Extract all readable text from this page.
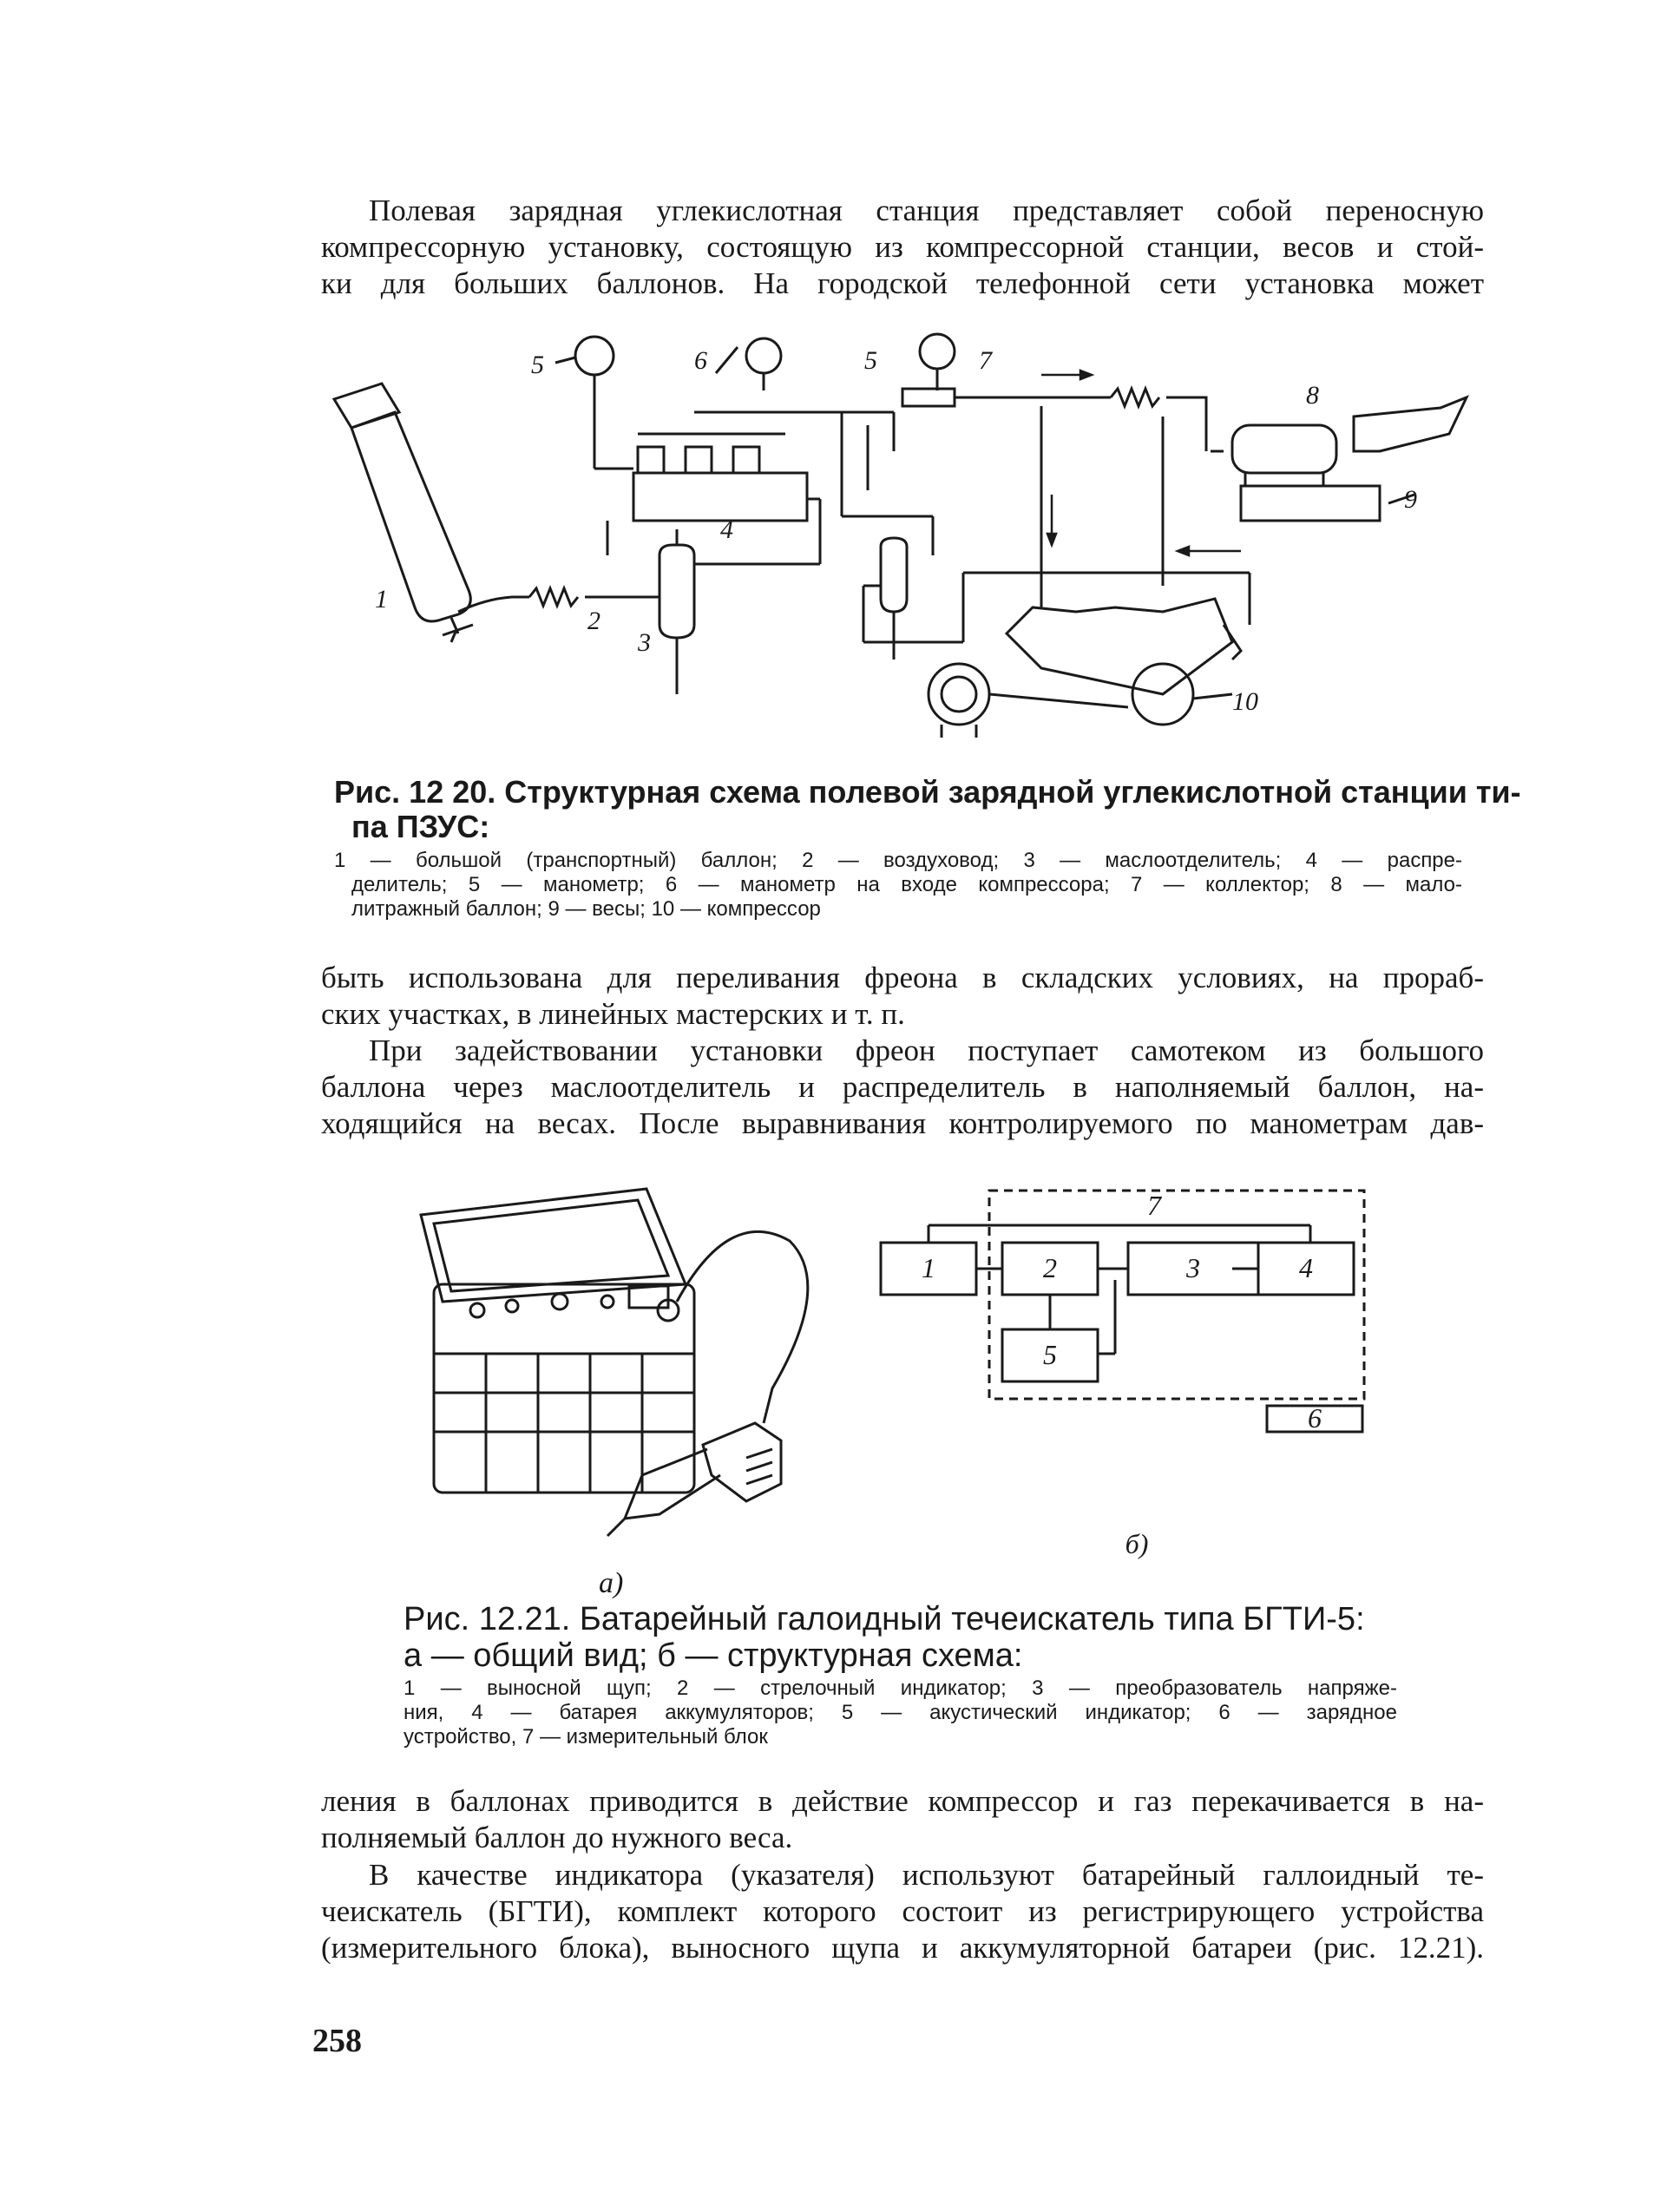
Полевая зарядная углекислотная станция представляет собой переносную
компрессорную установку, состоящую из компрессорной станции, весов и стой-
ки для больших баллонов. На городской телефонной сети установка может
1
2
3
4
5	6	5	7
8
9
10
Рис. 12 20. Структурная схема полевой зарядной углекислотной станции ти-
па ПЗУС:
1 — большой (транспортный) баллон; 2 — воздуховод; 3 — маслоотделитель; 4 — распре-
делитель; 5 — манометр; 6 — манометр на входе компрессора; 7 — коллектор; 8 — мало-
литражный баллон; 9 — весы; 10 — компрессор
быть использована для переливания фреона в складских условиях, на прораб-
ских участках, в линейных мастерских и т. п.
При задействовании установки фреон поступает самотеком из большого
баллона через маслоотделитель и распределитель в наполняемый баллон, на-
ходящийся на весах. После выравнивания контролируемого по манометрам дав-
а)
1	2	3	4
5
6
7
б)
Рис. 12.21. Батарейный галоидный течеискатель типа БГТИ-5:
а — общий вид; б — структурная схема:
1 — выносной щуп; 2 — стрелочный индикатор; 3 — преобразователь напряже-
ния, 4 — батарея аккумуляторов; 5 — акустический индикатор; 6 — зарядное
устройство, 7 — измерительный блок
ления в баллонах приводится в действие компрессор и газ перекачивается в на-
полняемый баллон до нужного веса.
В качестве индикатора (указателя) используют батарейный галлоидный те-
чеискатель (БГТИ), комплект которого состоит из регистрирующего устройства
(измерительного блока), выносного щупа и аккумуляторной батареи (рис. 12.21).
258
